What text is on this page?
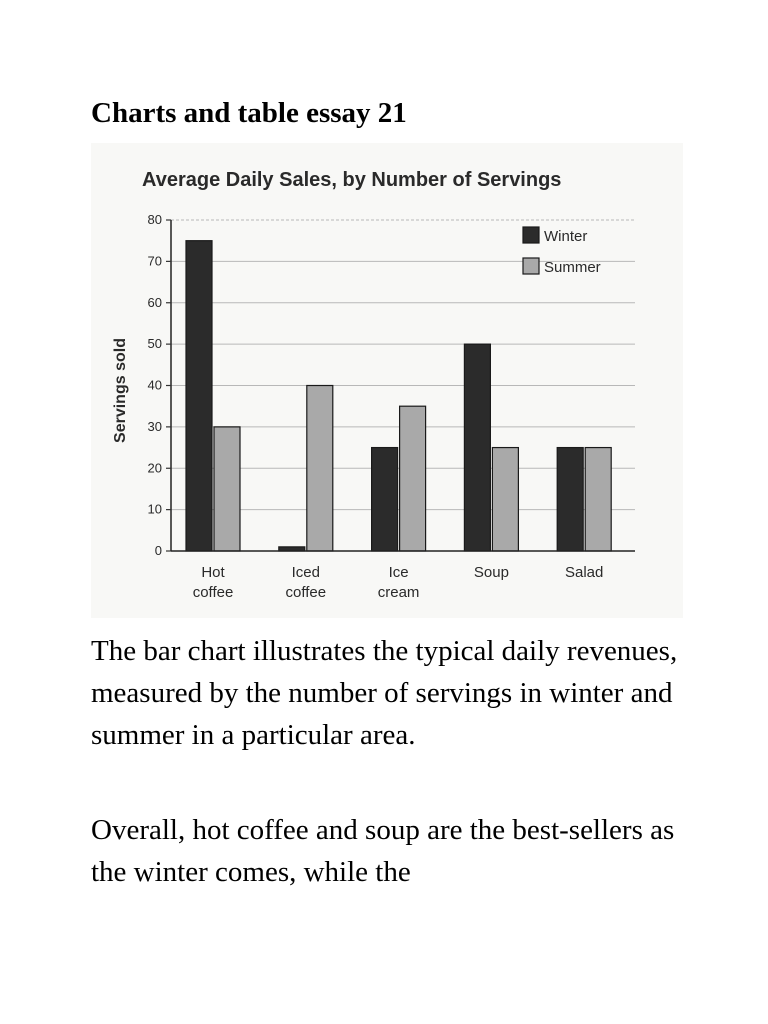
Charts and table essay 21
Average Daily Sales, by Number of Servings
Servings sold
0
10
20
30
40
50
60
70
80
Hot
coffee
Iced
coffee
Ice
cream
Soup	Salad
Winter
Summer

The bar chart illustrates the typical daily revenues, measured by the number of servings in winter and summer in a particular area.

Overall, hot coffee and soup are the best-sellers as the winter comes, while the
